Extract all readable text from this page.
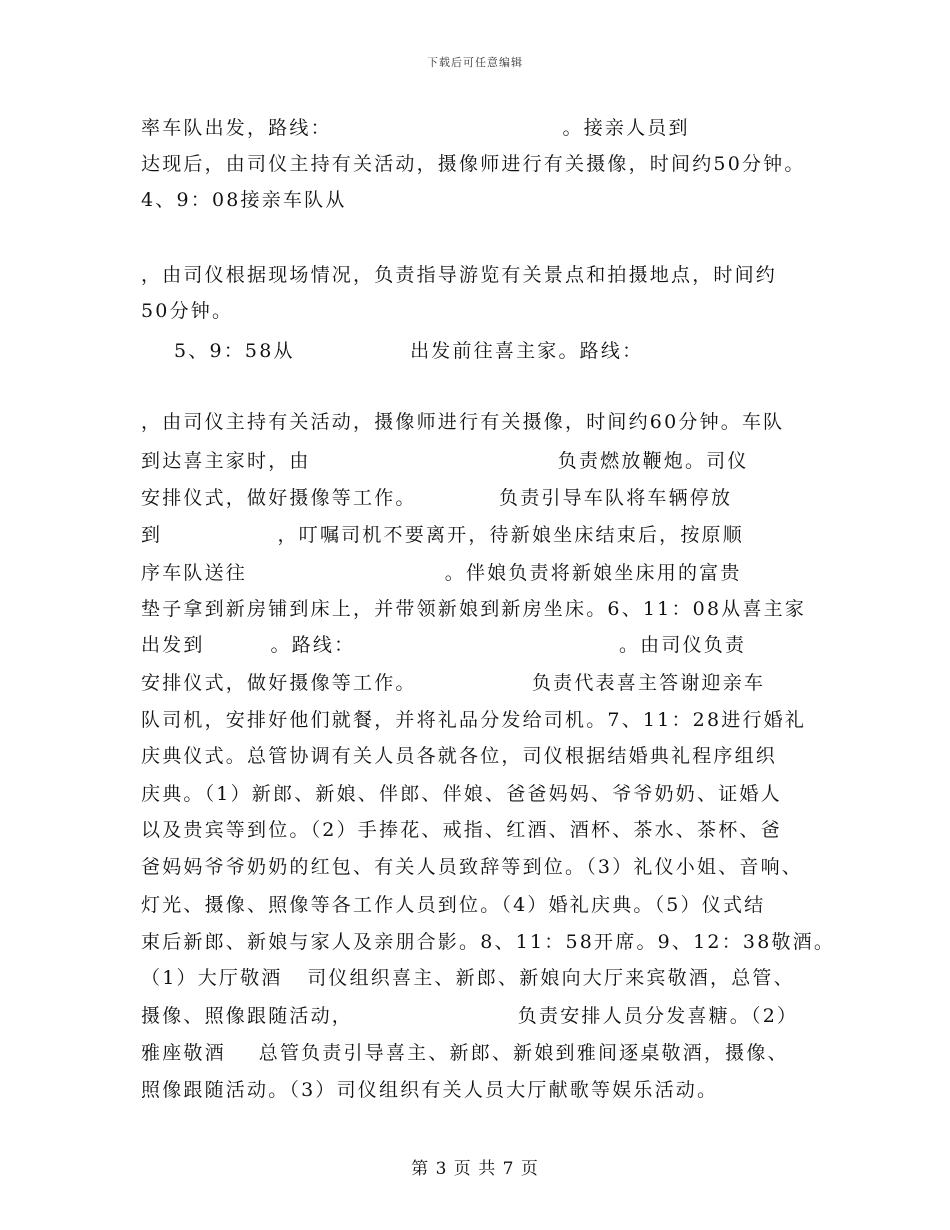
下载后可任意编辑
率车队出发，路线：                            。接亲人员到
达现后，由司仪主持有关活动，摄像师进行有关摄像，时间约50分钟。
4、9：08接亲车队从
，由司仪根据现场情况，负责指导游览有关景点和拍摄地点，时间约
50分钟。
5、9：58从              出发前往喜主家。路线：
，由司仪主持有关活动，摄像师进行有关摄像，时间约60分钟。车队
到达喜主家时，由                              负责燃放鞭炮。司仪
安排仪式，做好摄像等工作。          负责引导车队将车辆停放
到              ，叮嘱司机不要离开，待新娘坐床结束后，按原顺
序车队送往                        。伴娘负责将新娘坐床用的富贵
垫子拿到新房铺到床上，并带领新娘到新房坐床。6、11：08从喜主家
出发到        。路线：                                。由司仪负责
安排仪式，做好摄像等工作。              负责代表喜主答谢迎亲车
队司机，安排好他们就餐，并将礼品分发给司机。7、11：28进行婚礼
庆典仪式。总管协调有关人员各就各位，司仪根据结婚典礼程序组织
庆典。（1）新郎、新娘、伴郎、伴娘、爸爸妈妈、爷爷奶奶、证婚人
以及贵宾等到位。（2）手捧花、戒指、红酒、酒杯、茶水、茶杯、爸
爸妈妈爷爷奶奶的红包、有关人员致辞等到位。（3）礼仪小姐、音响、
灯光、摄像、照像等各工作人员到位。（4）婚礼庆典。（5）仪式结
束后新郎、新娘与家人及亲朋合影。8、11：58开席。9、12：38敬酒。
（1）大厅敬酒   司仪组织喜主、新郎、新娘向大厅来宾敬酒，总管、
摄像、照像跟随活动，                    负责安排人员分发喜糖。（2）
雅座敬酒    总管负责引导喜主、新郎、新娘到雅间逐桌敬酒，摄像、
照像跟随活动。（3）司仪组织有关人员大厅献歌等娱乐活动。
第 3 页 共 7 页
